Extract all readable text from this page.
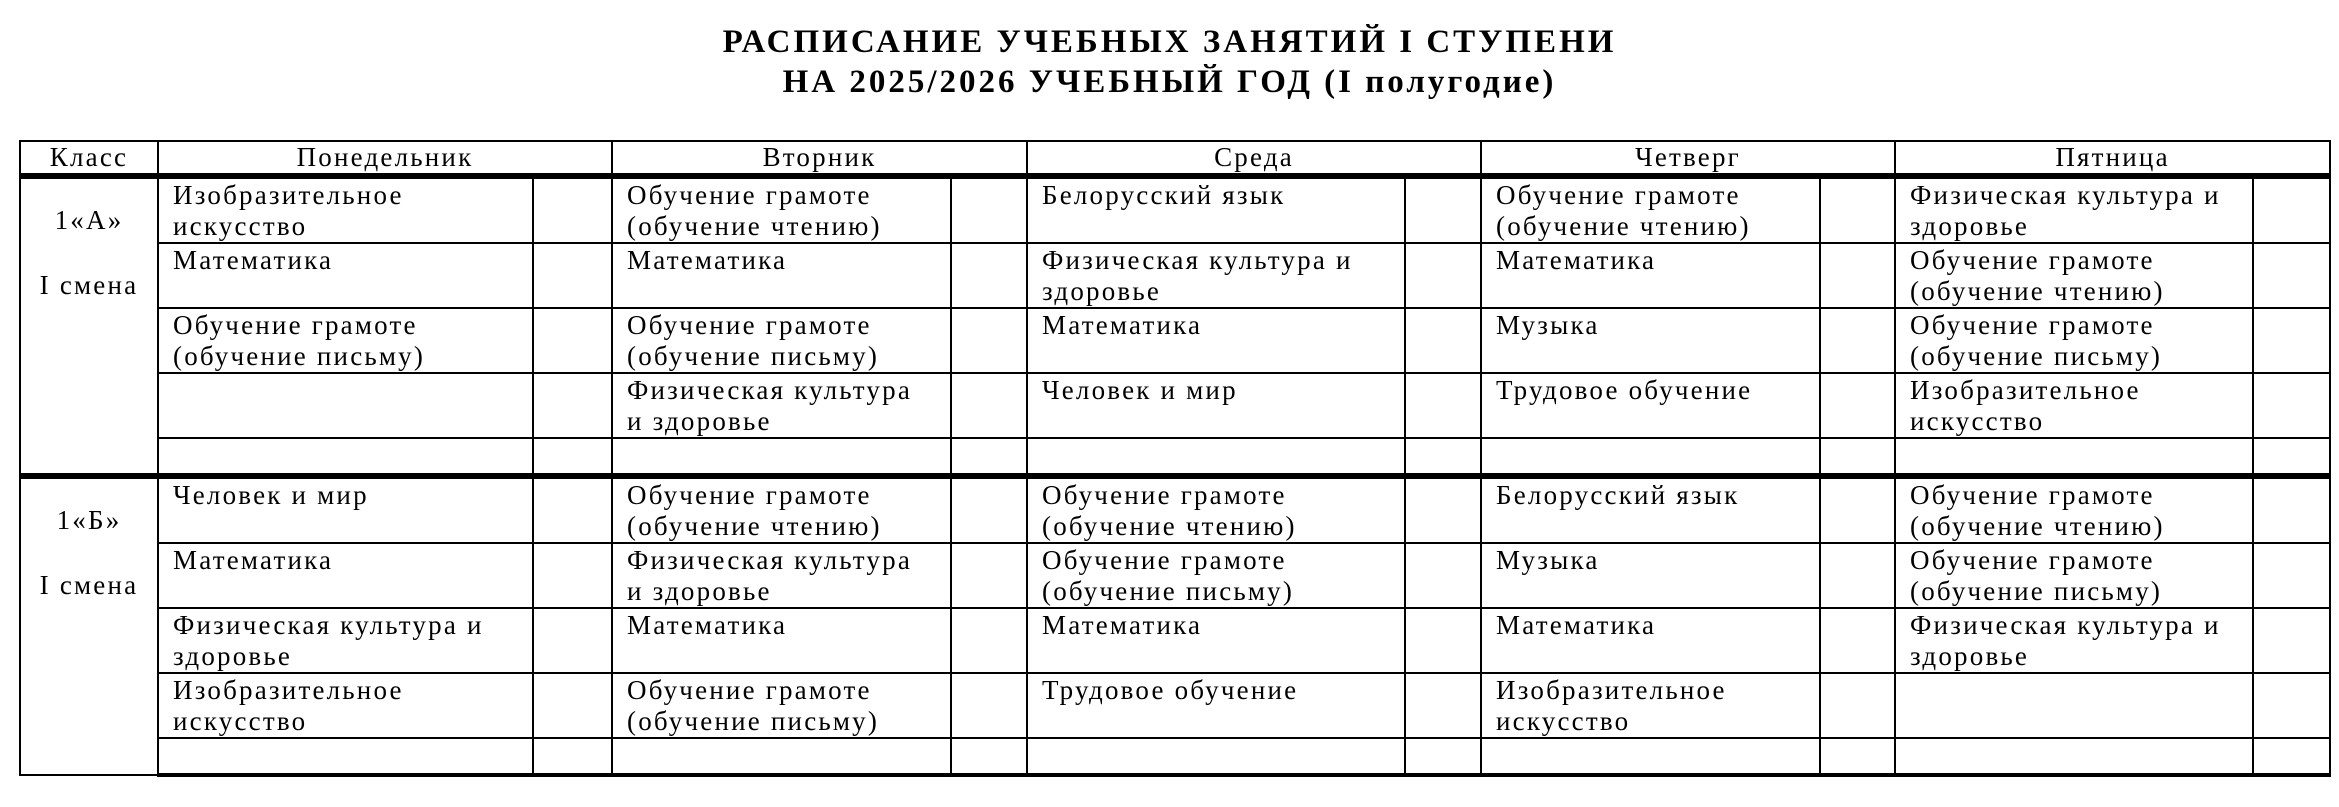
РАСПИСАНИЕ УЧЕБНЫХ ЗАНЯТИЙ I СТУПЕНИ
НА 2025/2026 УЧЕБНЫЙ ГОД (I полугодие)
Класс	Понедельник		Вторник		Среда		Четверг		Пятница	

1«А»
I смена	Изобразительное искусство		Обучение грамоте (обучение чтению)		Белорусский язык		Обучение грамоте (обучение чтению)		Физическая культура и здоровье	
	Математика		Математика		Физическая культура и здоровье		Математика		Обучение грамоте (обучение чтению)	
	Обучение грамоте (обучение письму)		Обучение грамоте (обучение письму)		Математика		Музыка		Обучение грамоте (обучение письму)	
			Физическая культура и здоровье		Человек и мир		Трудовое обучение		Изобразительное искусство	

1«Б»
I смена	Человек и мир		Обучение грамоте (обучение чтению)		Обучение грамоте (обучение чтению)		Белорусский язык		Обучение грамоте (обучение чтению)	
	Математика		Физическая культура и здоровье		Обучение грамоте (обучение письму)		Музыка		Обучение грамоте (обучение письму)	
	Физическая культура и здоровье		Математика		Математика		Математика		Физическая культура и здоровье	
	Изобразительное искусство		Обучение грамоте (обучение письму)		Трудовое обучение		Изобразительное искусство			
